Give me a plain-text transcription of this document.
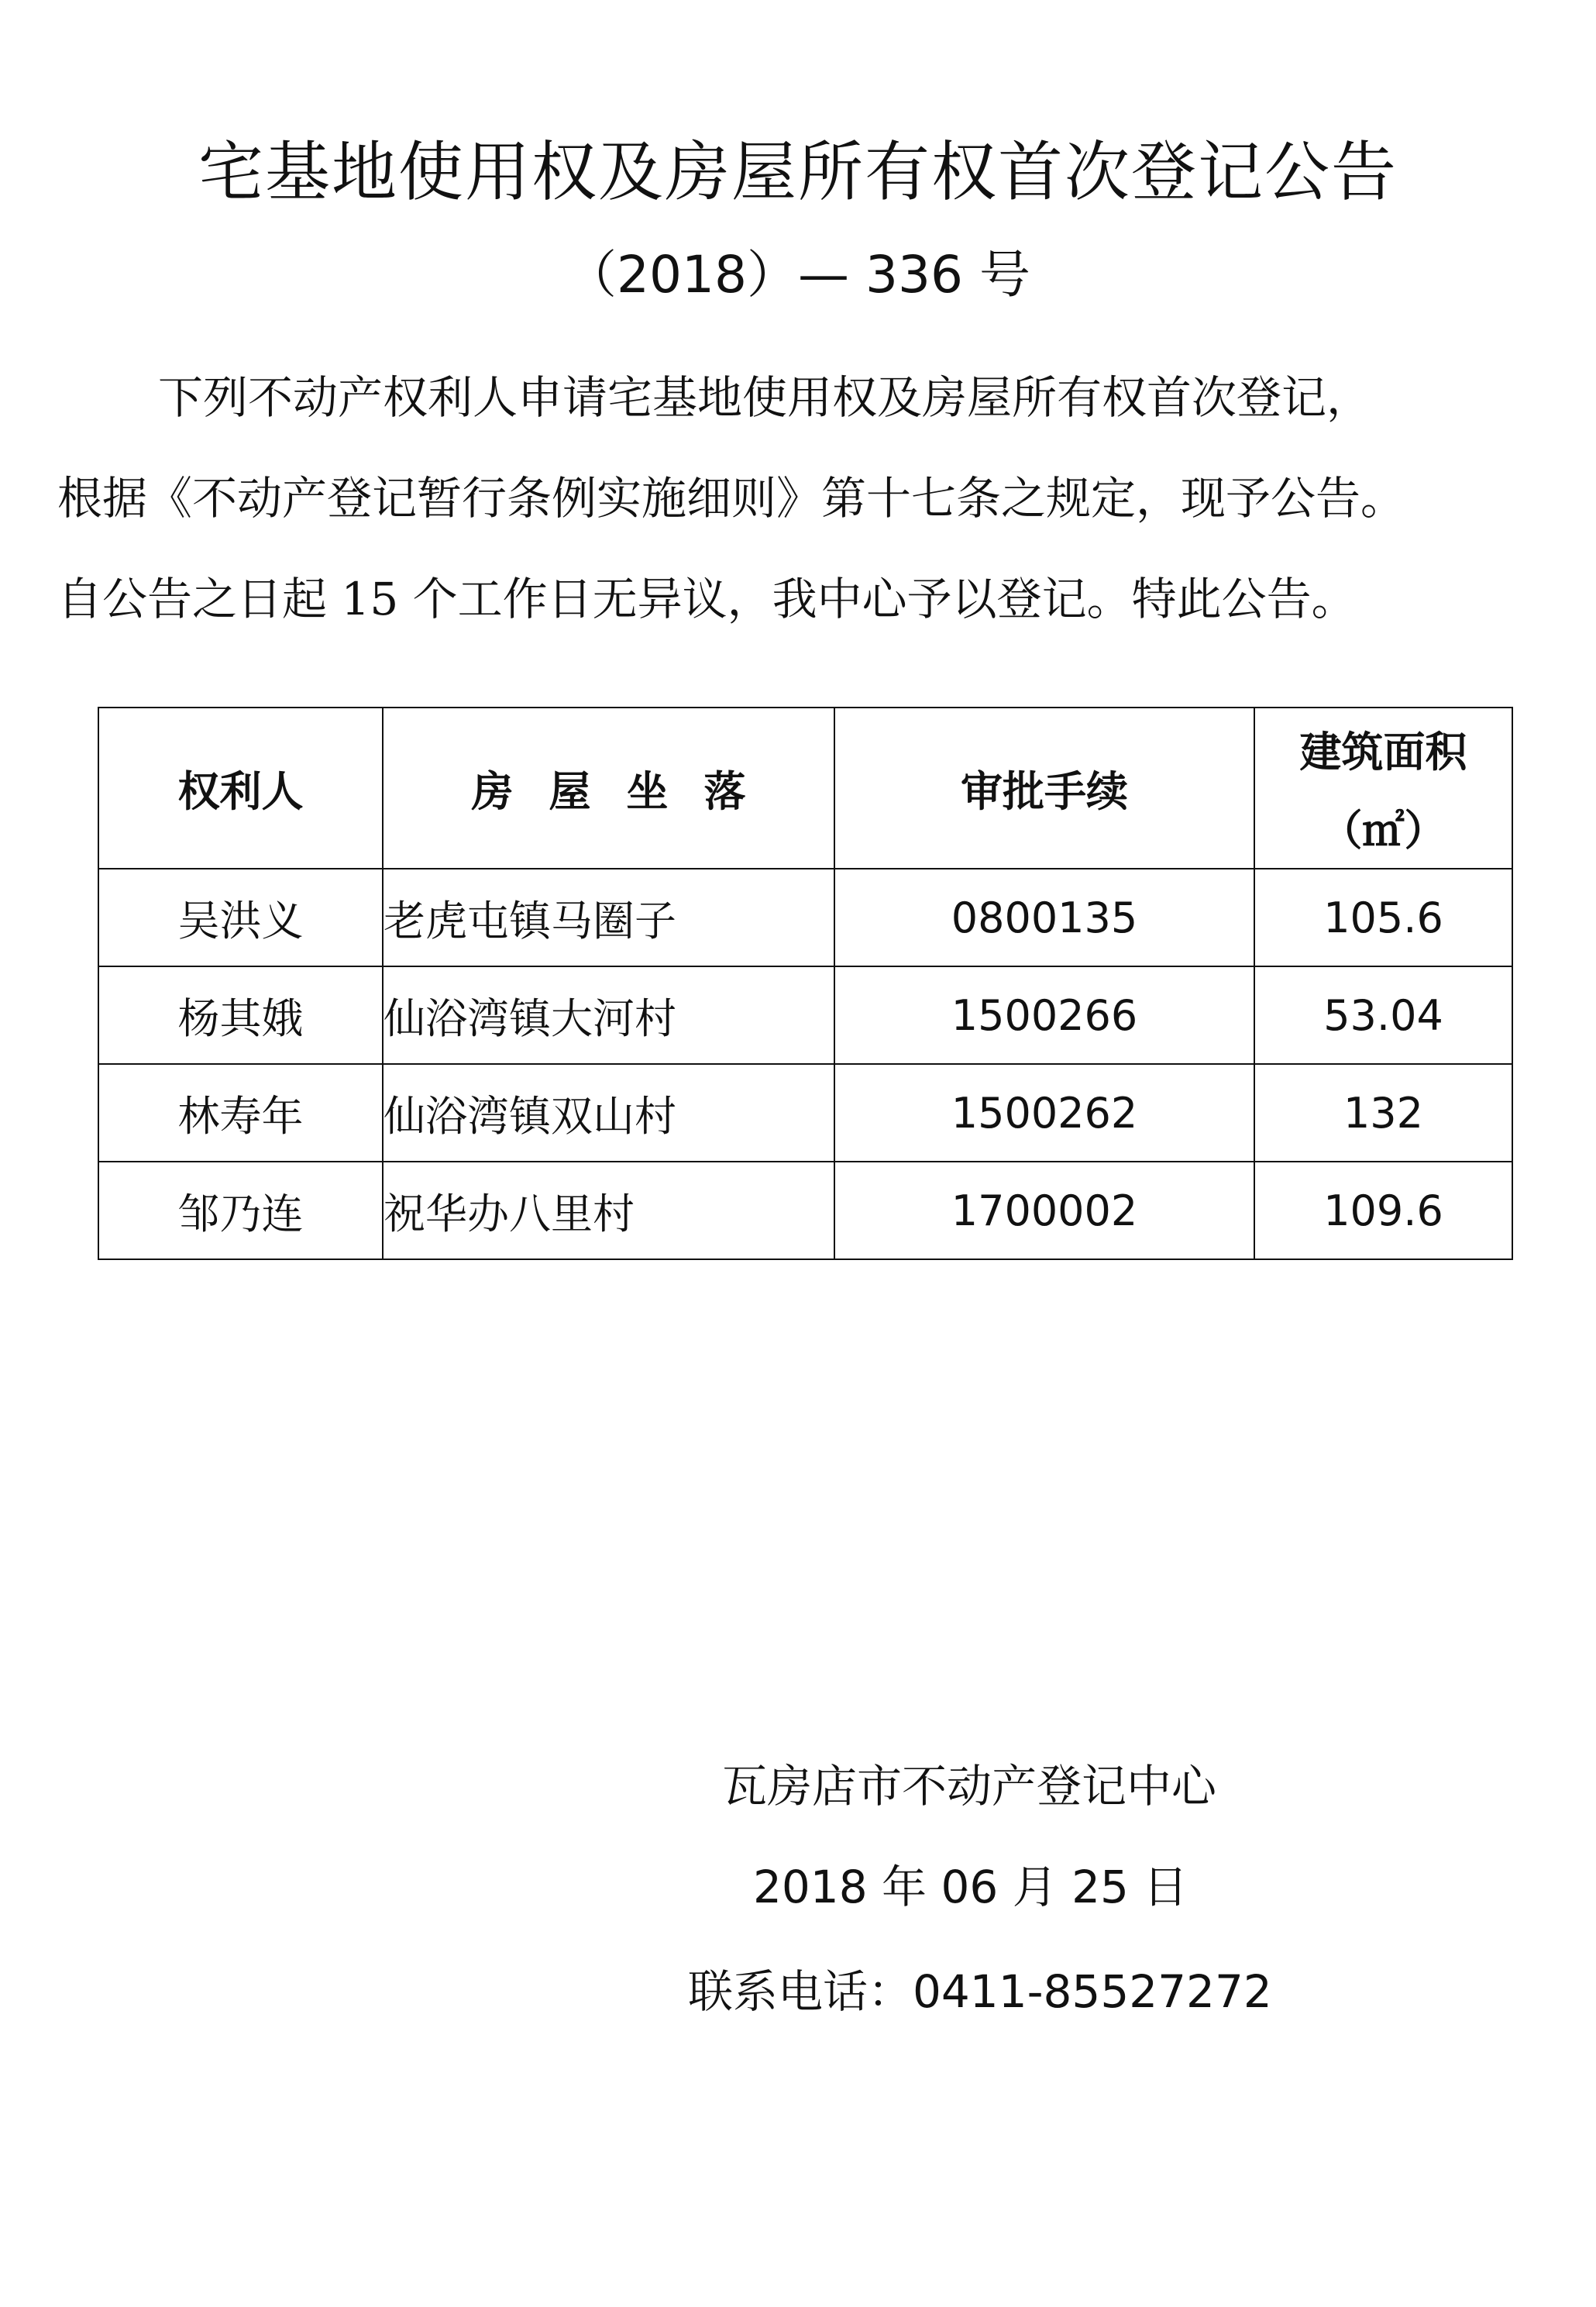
宅基地使用权及房屋所有权首次登记公告
（2018）— 336 号
下列不动产权利人申请宅基地使用权及房屋所有权首次登记，
根据《不动产登记暂行条例实施细则》第十七条之规定，现予公告。
自公告之日起 15 个工作日无异议，我中心予以登记。特此公告。
权利人	房屋坐落	审批手续	建筑面积
（㎡）

吴洪义	老虎屯镇马圈子	0800135	105.6
杨其娥	仙浴湾镇大河村	1500266	53.04
林寿年	仙浴湾镇双山村	1500262	132
邹乃连	祝华办八里村	1700002	109.6
瓦房店市不动产登记中心
2018 年 06 月 25 日
联系电话：0411-85527272
